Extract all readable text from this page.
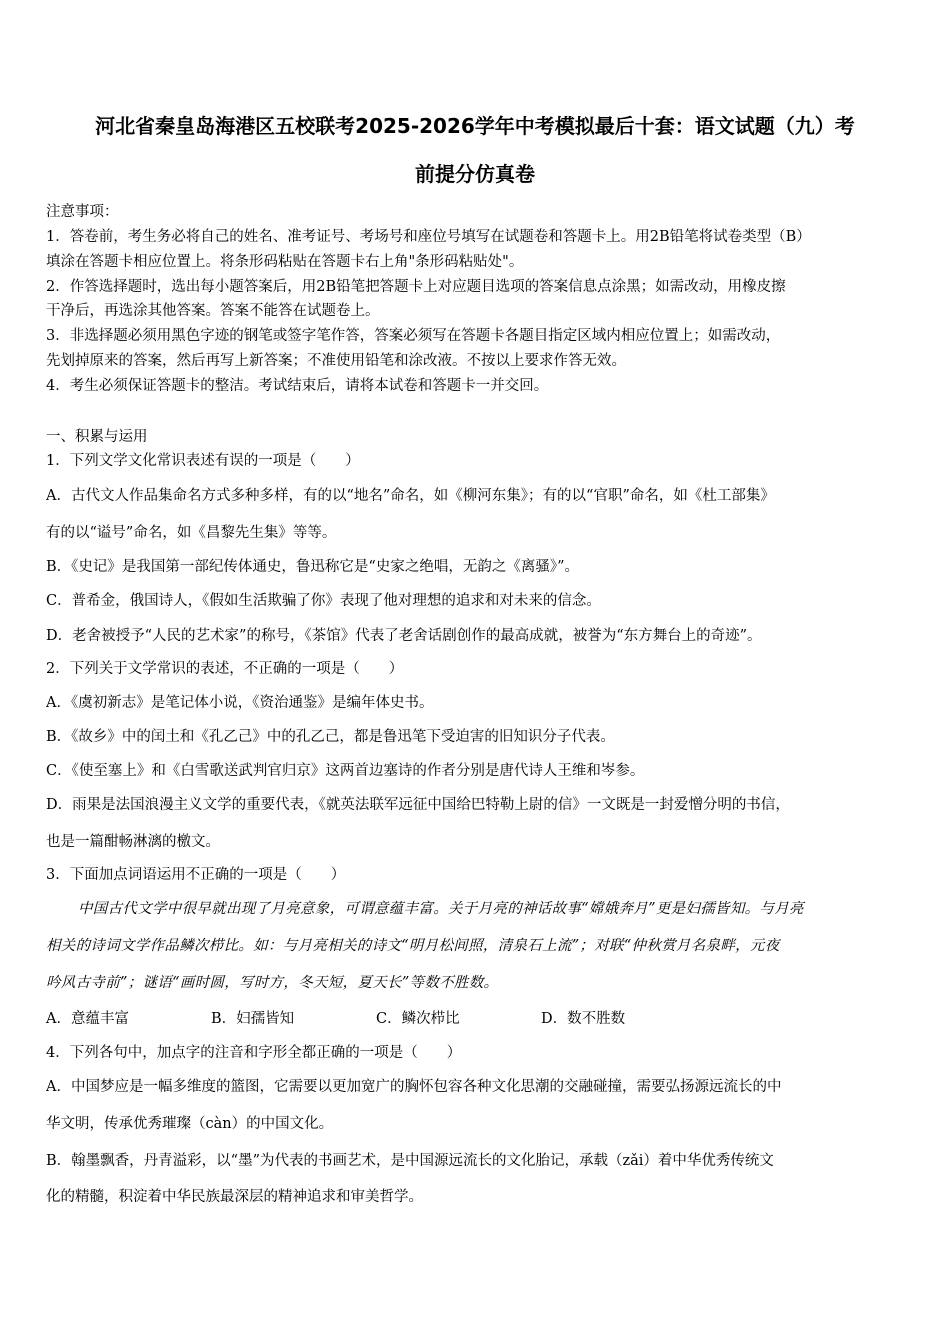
河北省秦皇岛海港区五校联考2025-2026学年中考模拟最后十套：语文试题（九）考
前提分仿真卷
注意事项：
1．答卷前，考生务必将自己的姓名、准考证号、考场号和座位号填写在试题卷和答题卡上。用2B铅笔将试卷类型（B）
填涂在答题卡相应位置上。将条形码粘贴在答题卡右上角"条形码粘贴处"。
2．作答选择题时，选出每小题答案后，用2B铅笔把答题卡上对应题目选项的答案信息点涂黑；如需改动，用橡皮擦
干净后，再选涂其他答案。答案不能答在试题卷上。
3．非选择题必须用黑色字迹的钢笔或签字笔作答，答案必须写在答题卡各题目指定区域内相应位置上；如需改动，
先划掉原来的答案，然后再写上新答案；不准使用铅笔和涂改液。不按以上要求作答无效。
4．考生必须保证答题卡的整洁。考试结束后，请将本试卷和答题卡一并交回。
一、积累与运用
1．下列文学文化常识表述有误的一项是（　　）
A．古代文人作品集命名方式多种多样，有的以“地名”命名，如《柳河东集》；有的以“官职”命名，如《杜工部集》
有的以“谥号”命名，如《昌黎先生集》等等。
B．《史记》是我国第一部纪传体通史，鲁迅称它是“史家之绝唱，无韵之《离骚》”。
C．普希金，俄国诗人，《假如生活欺骗了你》表现了他对理想的追求和对未来的信念。
D．老舍被授予“人民的艺术家”的称号，《茶馆》代表了老舍话剧创作的最高成就，被誉为“东方舞台上的奇迹”。
2．下列关于文学常识的表述，不正确的一项是（　　）
A．《虞初新志》是笔记体小说，《资治通鉴》是编年体史书。
B．《故乡》中的闰土和《孔乙己》中的孔乙己，都是鲁迅笔下受迫害的旧知识分子代表。
C．《使至塞上》和《白雪歌送武判官归京》这两首边塞诗的作者分别是唐代诗人王维和岑参。
D．雨果是法国浪漫主义文学的重要代表，《就英法联军远征中国给巴特勒上尉的信》一文既是一封爱憎分明的书信，
也是一篇酣畅淋漓的檄文。
3．下面加点词语运用不正确的一项是（　　）
中国古代文学中很早就出现了月亮意象，可谓意蕴丰富。关于月亮的神话故事“嫦娥奔月”更是妇孺皆知。与月亮
相关的诗词文学作品鳞次栉比。如：与月亮相关的诗文“明月松间照，清泉石上流”；对联“仲秋赏月名泉畔，元夜
吟风古寺前”；谜语“画时圆，写时方，冬天短，夏天长”等数不胜数。
A．意蕴丰富	B．妇孺皆知	C．鳞次栉比	D．数不胜数
4．下列各句中，加点字的注音和字形全都正确的一项是（　　）
A．中国梦应是一幅多维度的篮图，它需要以更加宽广的胸怀包容各种文化思潮的交融碰撞，需要弘扬源远流长的中
华文明，传承优秀璀璨（càn）的中国文化。
B．翰墨飘香，丹青溢彩，以“墨”为代表的书画艺术，是中国源远流长的文化胎记，承载（zǎi）着中华优秀传统文
化的精髓，积淀着中华民族最深层的精神追求和审美哲学。
